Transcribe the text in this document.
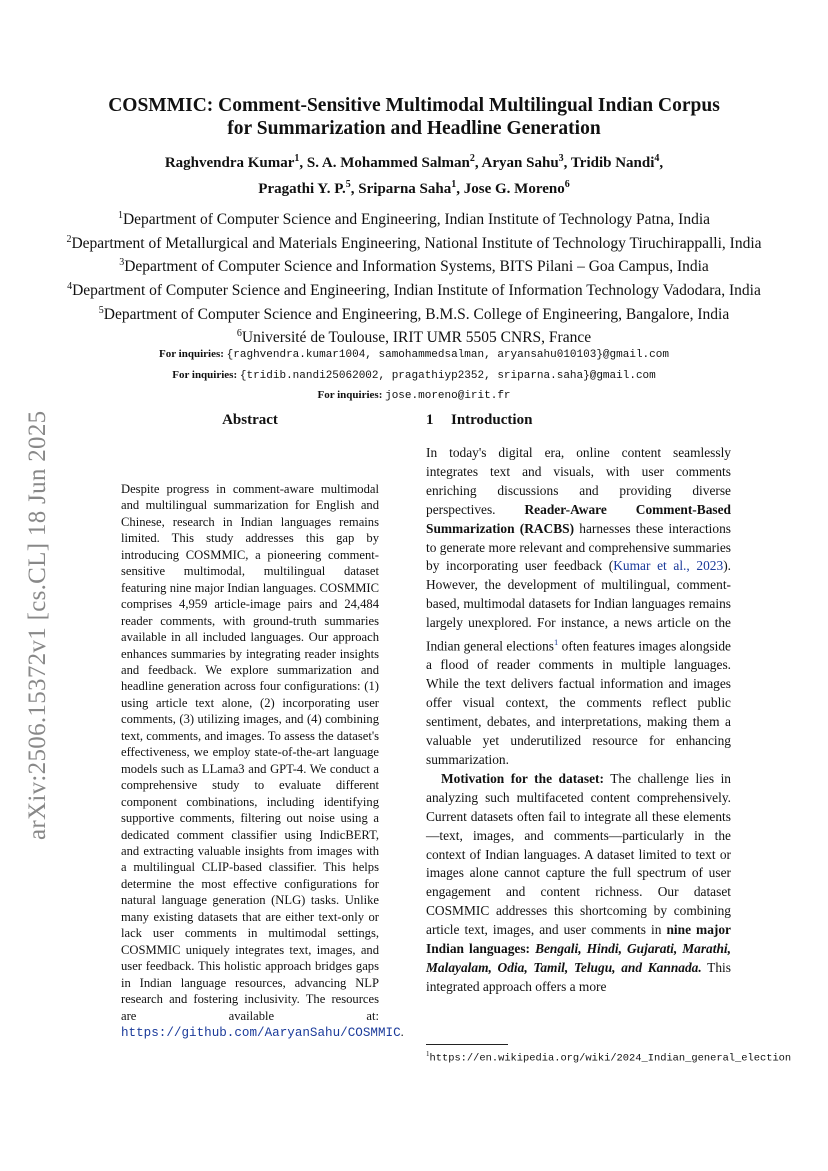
arXiv:2506.15372v1 [cs.CL] 18 Jun 2025
COSMMIC: Comment-Sensitive Multimodal Multilingual Indian Corpus
for Summarization and Headline Generation
Raghvendra Kumar$^1$, S. A. Mohammed Salman$^2$, Aryan Sahu$^3$, Tridib Nandi$^4$,
Pragathi Y. P.$^5$, Sriparna Saha$^1$, Jose G. Moreno$^6$
$^1$Department of Computer Science and Engineering, Indian Institute of Technology Patna, India
$^2$Department of Metallurgical and Materials Engineering, National Institute of Technology Tiruchirappalli, India
$^3$Department of Computer Science and Information Systems, BITS Pilani – Goa Campus, India
$^4$Department of Computer Science and Engineering, Indian Institute of Information Technology Vadodara, India
$^5$Department of Computer Science and Engineering, B.M.S. College of Engineering, Bangalore, India
$^6$Université de Toulouse, IRIT UMR 5505 CNRS, France
For inquiries: {raghvendra.kumar1004, samohammedsalman, aryansahu010103}@gmail.com
For inquiries: {tridib.nandi25062002, pragathiyp2352, sriparna.saha}@gmail.com
For inquiries: jose.moreno@irit.fr
Abstract

Despite progress in comment-aware multimodal and multilingual summarization for English and Chinese, research in Indian languages remains limited. This study addresses this gap by introducing COSMMIC, a pioneering comment-sensitive multimodal, multilingual dataset featuring nine major Indian languages. COSMMIC comprises 4,959 article-image pairs and 24,484 reader comments, with ground-truth summaries available in all included languages. Our approach enhances summaries by integrating reader insights and feedback. We explore summarization and headline generation across four configurations: (1) using article text alone, (2) incorporating user comments, (3) utilizing images, and (4) combining text, comments, and images. To assess the dataset's effectiveness, we employ state-of-the-art language models such as LLama3 and GPT-4. We conduct a comprehensive study to evaluate different component combinations, including identifying supportive comments, filtering out noise using a dedicated comment classifier using IndicBERT, and extracting valuable insights from images with a multilingual CLIP-based classifier. This helps determine the most effective configurations for natural language generation (NLG) tasks. Unlike many existing datasets that are either text-only or lack user comments in multimodal settings, COSMMIC uniquely integrates text, images, and user feedback. This holistic approach bridges gaps in Indian language resources, advancing NLP research and fostering inclusivity. The resources are available at: https://github.com/AaryanSahu/COSMMIC.

1 Introduction

In today's digital era, online content seamlessly integrates text and visuals, with user comments enriching discussions and providing diverse perspectives. Reader-Aware Comment-Based Summarization (RACBS) harnesses these interactions to generate more relevant and comprehensive summaries by incorporating user feedback (Kumar et al., 2023). However, the development of multilingual, comment-based, multimodal datasets for Indian languages remains largely unexplored. For instance, a news article on the Indian general elections$^1$ often features images alongside a flood of reader comments in multiple languages. While the text delivers factual information and images offer visual context, the comments reflect public sentiment, debates, and interpretations, making them a valuable yet underutilized resource for enhancing summarization.

Motivation for the dataset: The challenge lies in analyzing such multifaceted content comprehensively. Current datasets often fail to integrate all these elements—text, images, and comments—particularly in the context of Indian languages. A dataset limited to text or images alone cannot capture the full spectrum of user engagement and content richness. Our dataset COSMMIC addresses this shortcoming by combining article text, images, and user comments in nine major Indian languages: Bengali, Hindi, Gujarati, Marathi, Malayalam, Odia, Tamil, Telugu, and Kannada. This integrated approach offers a more

$^1$https://en.wikipedia.org/wiki/2024_Indian_general_election
